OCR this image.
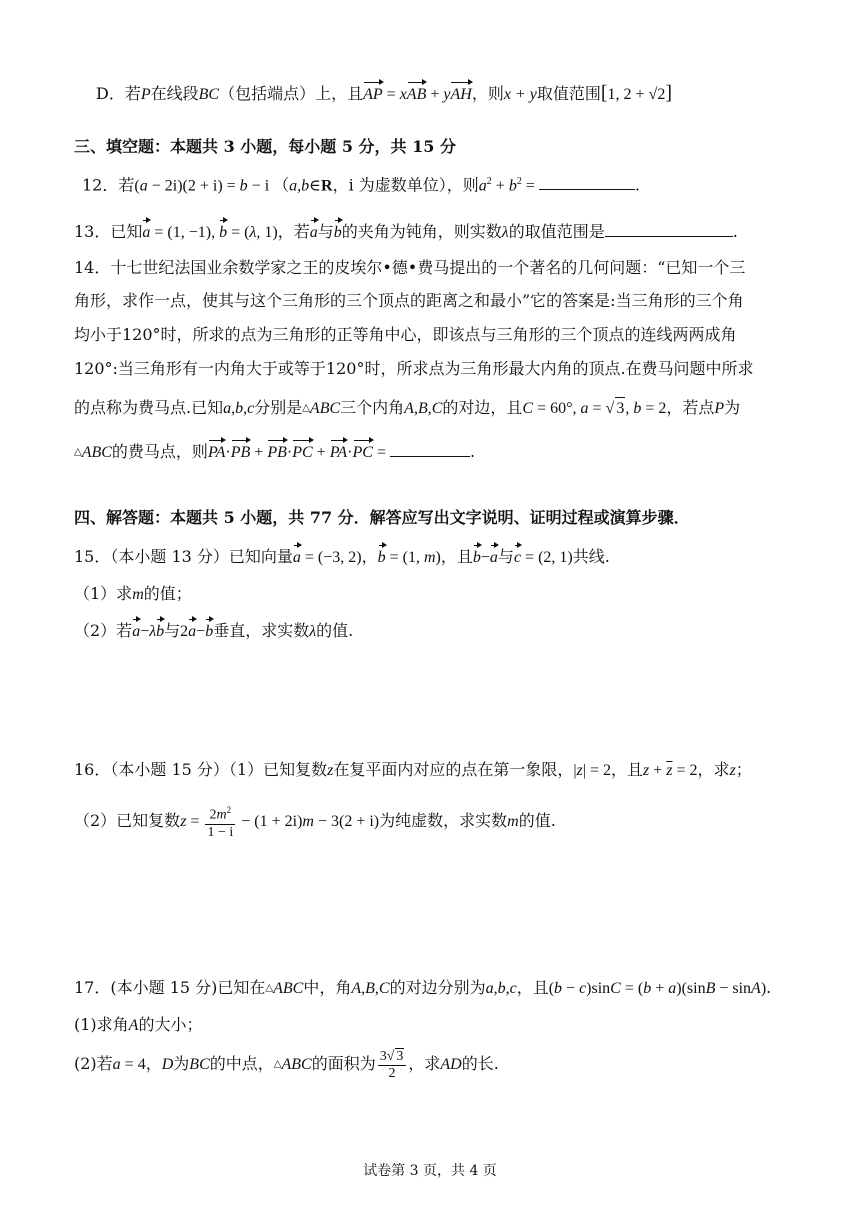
D．若P在线段BC（包括端点）上，且AP = xAB + yAH，则x + y取值范围[1, 2 + √2]
三、填空题：本题共 3 小题，每小题 5 分，共 15 分
12．若(a − 2i)(2 + i) = b − i （a,b∈R，i 为虚数单位），则$a^2 + b^2$ =	.
13．已知a = (1, −1), b = (λ, 1)，若a与b的夹角为钝角，则实数λ的取值范围是	.
14．十七世纪法国业余数学家之王的皮埃尔•德•费马提出的一个著名的几何问题：“已知一个三
角形，求作一点，使其与这个三角形的三个顶点的距离之和最小”它的答案是:当三角形的三个角
均小于120°时，所求的点为三角形的正等角中心，即该点与三角形的三个顶点的连线两两成角
120°:当三角形有一内角大于或等于120°时，所求点为三角形最大内角的顶点.在费马问题中所求
的点称为费马点.已知a,b,c分别是△ABC三个内角A,B,C的对边，且C = 60°, a = √ 3, b = 2，若点P为
△ABC的费马点，则PA·PB + PB·PC + PA·PC =	.
四、解答题：本题共 5 小题，共 77 分．解答应写出文字说明、证明过程或演算步骤．
15．（本小题 13 分）已知向量a = (−3, 2)，b = (1, m)，且b−a与c = (2, 1)共线.
（1）求m的值；
（2）若a−λb与2a−b垂直，求实数λ的值.
16．（本小题 15 分）（1）已知复数z在复平面内对应的点在第一象限，|z| = 2，且$z + \overline{z} = 2$，求z；
（2）已知复数$z = \frac{2m^2}{1 - i} - (1 + 2i)m - 3(2 + i)$为纯虚数，求实数m的值.
17．(本小题 15 分)已知在△ABC中，角A,B,C的对边分别为a,b,c，且(b − c)sinC = (b + a)(sinB − sinA).
(1)求角A的大小；
(2)若a = 4，D为BC的中点，△ABC的面积为 $\frac{3√ 3}{2}$ ，求AD的长.
试卷第 3 页，共 4 页
